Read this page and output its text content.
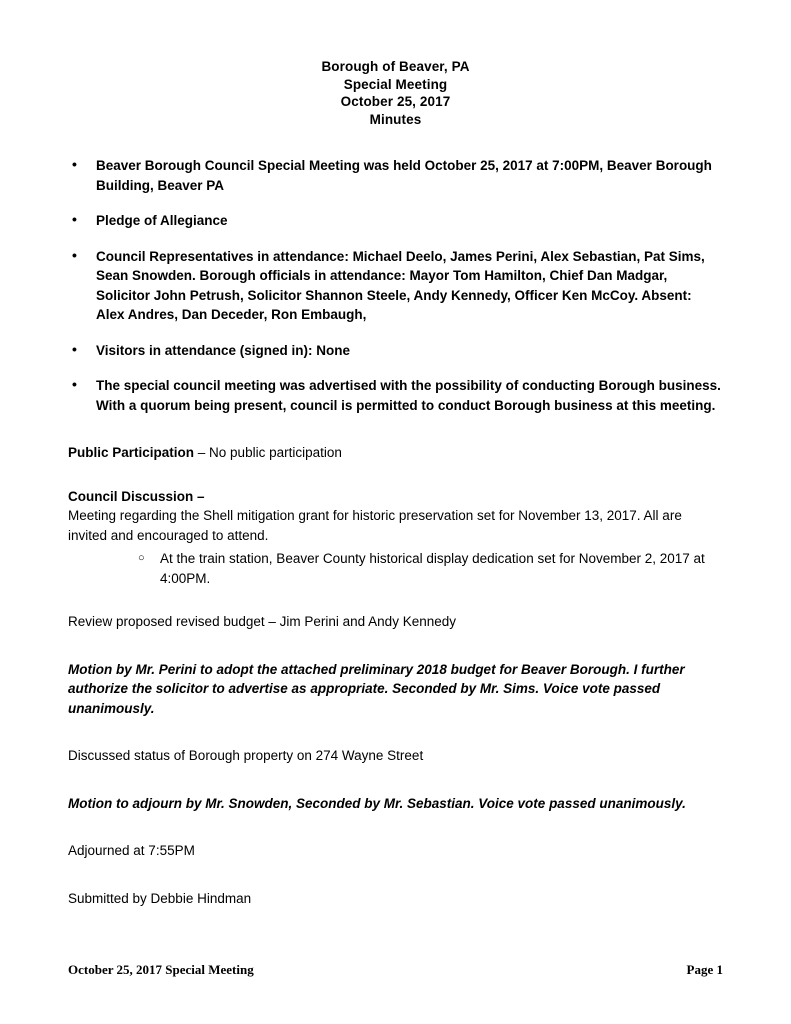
Borough of Beaver, PA
Special Meeting
October 25, 2017
Minutes
• Beaver Borough Council Special Meeting was held October 25, 2017 at 7:00PM, Beaver Borough Building, Beaver PA
• Pledge of Allegiance
• Council Representatives in attendance: Michael Deelo, James Perini, Alex Sebastian, Pat Sims, Sean Snowden. Borough officials in attendance: Mayor Tom Hamilton, Chief Dan Madgar, Solicitor John Petrush, Solicitor Shannon Steele, Andy Kennedy, Officer Ken McCoy. Absent: Alex Andres, Dan Deceder, Ron Embaugh,
• Visitors in attendance (signed in): None
• The special council meeting was advertised with the possibility of conducting Borough business. With a quorum being present, council is permitted to conduct Borough business at this meeting.

Public Participation – No public participation

Council Discussion –

Meeting regarding the Shell mitigation grant for historic preservation set for November 13, 2017. All are invited and encouraged to attend.

○ At the train station, Beaver County historical display dedication set for November 2, 2017 at 4:00PM.

Review proposed revised budget – Jim Perini and Andy Kennedy

Motion by Mr. Perini to adopt the attached preliminary 2018 budget for Beaver Borough. I further authorize the solicitor to advertise as appropriate. Seconded by Mr. Sims. Voice vote passed unanimously.

Discussed status of Borough property on 274 Wayne Street

Motion to adjourn by Mr. Snowden, Seconded by Mr. Sebastian. Voice vote passed unanimously.

Adjourned at 7:55PM

Submitted by Debbie Hindman

October 25, 2017 Special Meeting	Page 1
